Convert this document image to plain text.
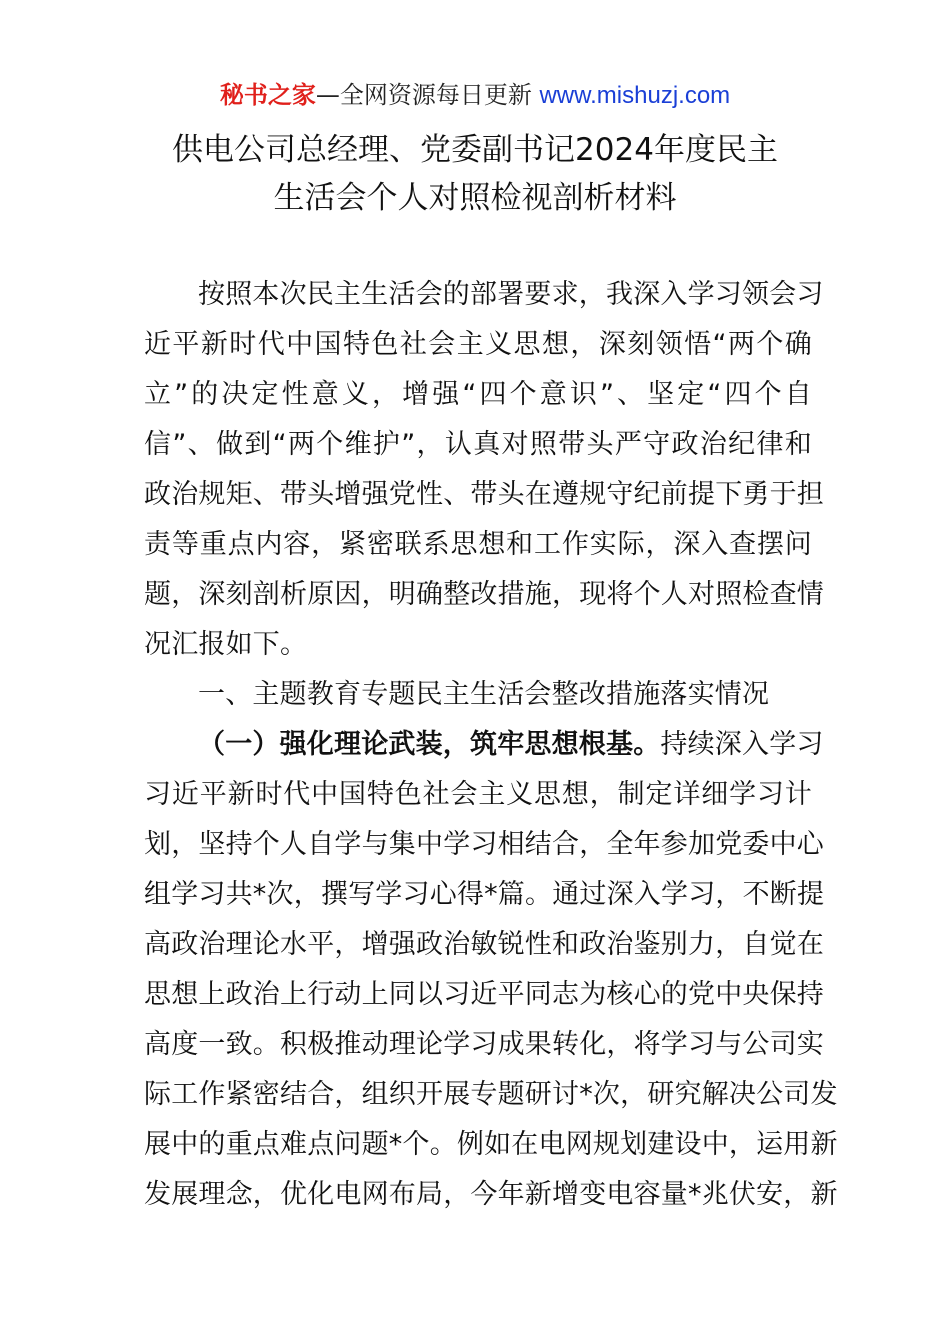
秘书之家—全网资源每日更新 www.mishuzj.com
供电公司总经理、党委副书记2024年度民主
生活会个人对照检视剖析材料
按照本次民主生活会的部署要求，我深入学习领会习
近平新时代中国特色社会主义思想，深刻领悟“两个确
立”的决定性意义，增强“四个意识”、坚定“四个自
信”、做到“两个维护”，认真对照带头严守政治纪律和
政治规矩、带头增强党性、带头在遵规守纪前提下勇于担
责等重点内容，紧密联系思想和工作实际，深入查摆问
题，深刻剖析原因，明确整改措施，现将个人对照检查情
况汇报如下。
一、主题教育专题民主生活会整改措施落实情况
（一）强化理论武装，筑牢思想根基。持续深入学习
习近平新时代中国特色社会主义思想，制定详细学习计
划，坚持个人自学与集中学习相结合，全年参加党委中心
组学习共*次，撰写学习心得*篇。通过深入学习，不断提
高政治理论水平，增强政治敏锐性和政治鉴别力，自觉在
思想上政治上行动上同以习近平同志为核心的党中央保持
高度一致。积极推动理论学习成果转化，将学习与公司实
际工作紧密结合，组织开展专题研讨*次，研究解决公司发
展中的重点难点问题*个。例如在电网规划建设中，运用新
发展理念，优化电网布局，今年新增变电容量*兆伏安，新
